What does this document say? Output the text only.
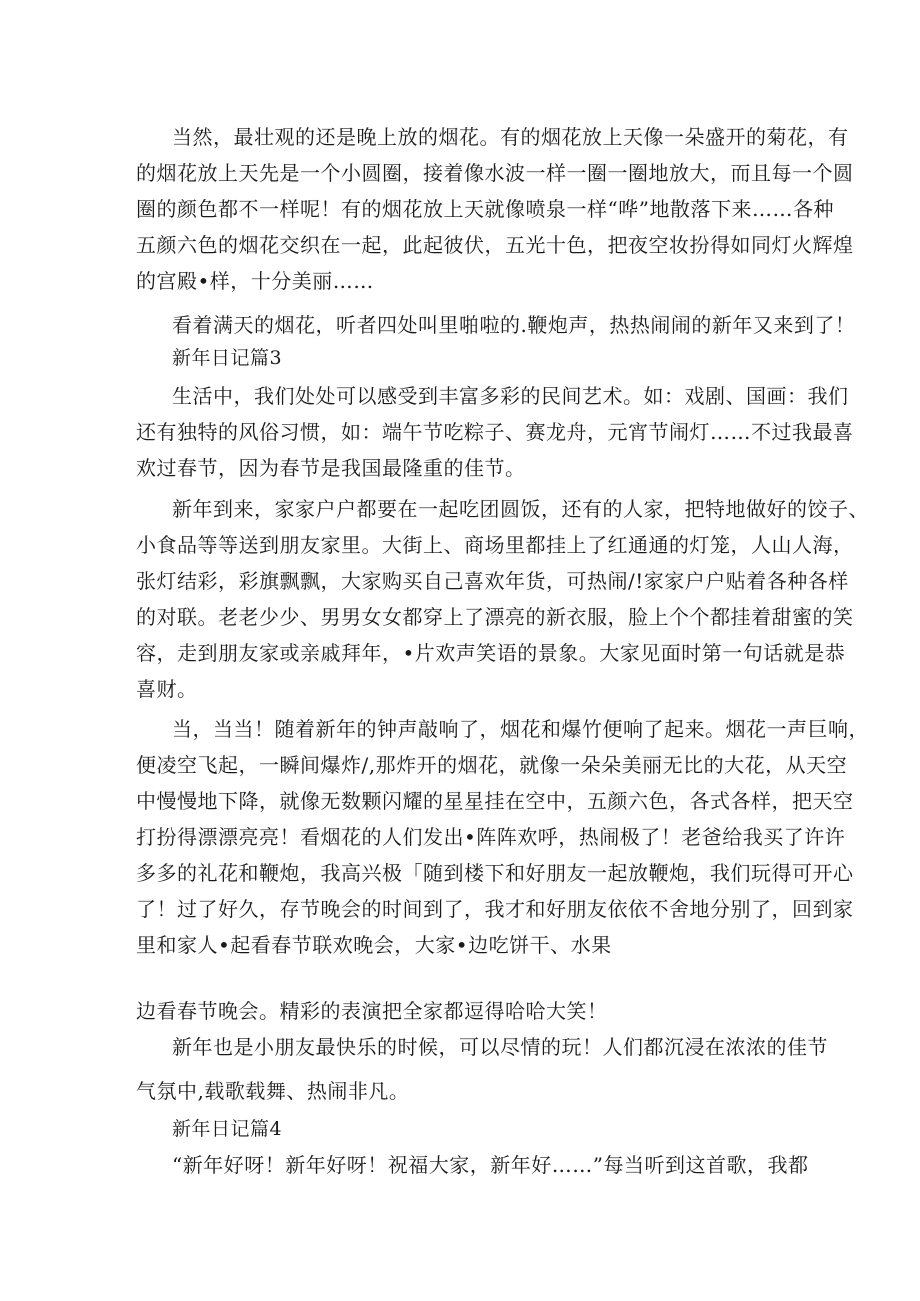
当然，最壮观的还是晚上放的烟花。有的烟花放上天像一朵盛开的菊花，有
的烟花放上天先是一个小圆圈，接着像水波一样一圈一圈地放大，而且每一个圆
圈的颜色都不一样呢！有的烟花放上天就像喷泉一样“哗”地散落下来……各种
五颜六色的烟花交织在一起，此起彼伏，五光十色，把夜空妆扮得如同灯火辉煌
的宫殿•样，十分美丽……
看着满天的烟花，听者四处叫里啪啦的.鞭炮声，热热闹闹的新年又来到了！
新年日记篇3
生活中，我们处处可以感受到丰富多彩的民间艺术。如：戏剧、国画：我们
还有独特的风俗习惯，如：端午节吃粽子、赛龙舟，元宵节闹灯……不过我最喜
欢过春节，因为春节是我国最隆重的佳节。
新年到来，家家户户都要在一起吃团圆饭，还有的人家，把特地做好的饺子、
小食品等等送到朋友家里。大街上、商场里都挂上了红通通的灯笼，人山人海，
张灯结彩，彩旗飘飘，大家购买自己喜欢年货，可热闹/!家家户户贴着各种各样
的对联。老老少少、男男女女都穿上了漂亮的新衣服，脸上个个都挂着甜蜜的笑
容，走到朋友家或亲戚拜年，•片欢声笑语的景象。大家见面时第一句话就是恭
喜财。
当，当当！随着新年的钟声敲响了，烟花和爆竹便响了起来。烟花一声巨响，
便凌空飞起，一瞬间爆炸/,那炸开的烟花，就像一朵朵美丽无比的大花，从天空
中慢慢地下降，就像无数颗闪耀的星星挂在空中，五颜六色，各式各样，把天空
打扮得漂漂亮亮！看烟花的人们发出•阵阵欢呼，热闹极了！老爸给我买了许许
多多的礼花和鞭炮，我高兴极「随到楼下和好朋友一起放鞭炮，我们玩得可开心
了！过了好久，存节晚会的时间到了，我才和好朋友依依不舍地分别了，回到家
里和家人•起看春节联欢晚会，大家•边吃饼干、水果
边看春节晚会。精彩的表演把全家都逗得哈哈大笑！
新年也是小朋友最快乐的时候，可以尽情的玩！人们都沉浸在浓浓的佳节
气氛中,载歌载舞、热闹非凡。
新年日记篇4
“新年好呀！新年好呀！祝福大家，新年好……”每当听到这首歌，我都
